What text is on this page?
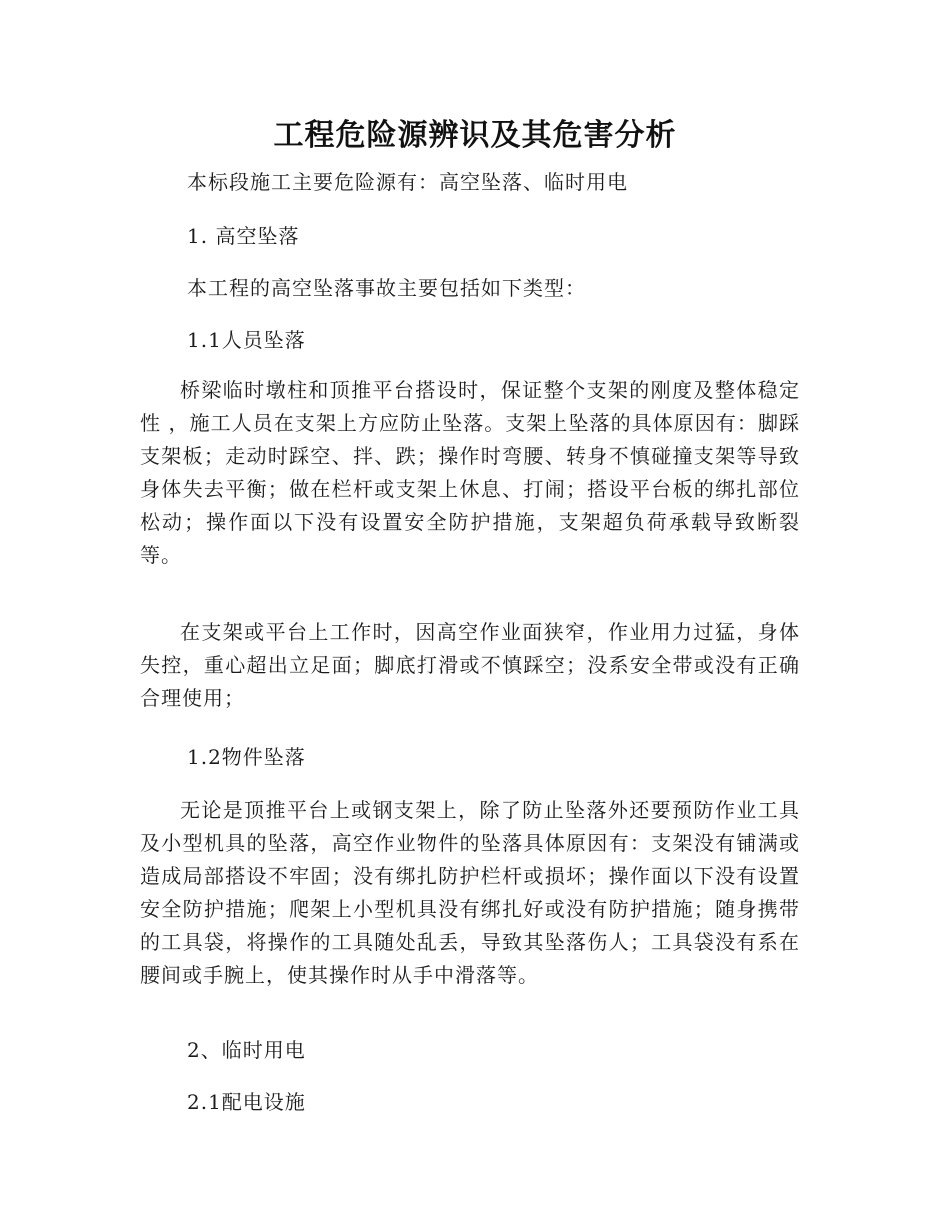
工程危险源辨识及其危害分析
本标段施工主要危险源有：高空坠落、临时用电
1. 高空坠落
本工程的高空坠落事故主要包括如下类型：
1.1人员坠落

桥梁临时墩柱和顶推平台搭设时，保证整个支架的刚度及整体稳定性 ，施工人员在支架上方应防止坠落。支架上坠落的具体原因有：脚踩支架板；走动时踩空、拌、跌；操作时弯腰、转身不慎碰撞支架等导致身体失去平衡；做在栏杆或支架上休息、打闹；搭设平台板的绑扎部位松动；操作面以下没有设置安全防护措施，支架超负荷承载导致断裂等。

在支架或平台上工作时，因高空作业面狭窄，作业用力过猛，身体失控，重心超出立足面；脚底打滑或不慎踩空；没系安全带或没有正确合理使用；

1.2物件坠落

无论是顶推平台上或钢支架上，除了防止坠落外还要预防作业工具及小型机具的坠落，高空作业物件的坠落具体原因有：支架没有铺满或造成局部搭设不牢固；没有绑扎防护栏杆或损坏；操作面以下没有设置安全防护措施；爬架上小型机具没有绑扎好或没有防护措施；随身携带的工具袋，将操作的工具随处乱丢，导致其坠落伤人；工具袋没有系在腰间或手腕上，使其操作时从手中滑落等。

2、临时用电
2.1配电设施
